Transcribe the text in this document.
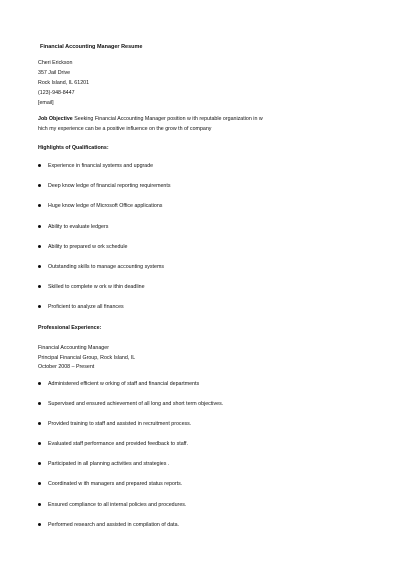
Financial Accounting Manager Resume
Cheri Erickson
357 Jail Drive
Rock Island, IL 61201
(123)-948-8447
[email]
Job Objective Seeking Financial Accounting Manager position w ith reputable organization in w hich my experience can be a positive influence on the grow th of company
Highlights of Qualifications:
Experience in financial systems and upgrade
Deep know ledge of financial reporting requirements
Huge know ledge of Microsoft Office applications
Ability to evaluate ledgers
Ability to prepared w ork schedule
Outstanding skills to manage accounting systems
Skilled to complete w ork w ithin deadline
Proficient to analyze all finances
Professional Experience:
Financial Accounting Manager
Principal Financial Group, Rock Island, IL
October 2008 – Present
Administered efficient w orking of staff and financial departments
Supervised and ensured achievement of all long and short term objectives.
Provided training to staff and assisted in recruitment process.
Evaluated staff performance and provided feedback to staff.
Participated in all planning activities and strategies .
Coordinated w ith managers and prepared status reports.
Ensured compliance to all internal policies and procedures.
Performed research and assisted in compilation of data.
